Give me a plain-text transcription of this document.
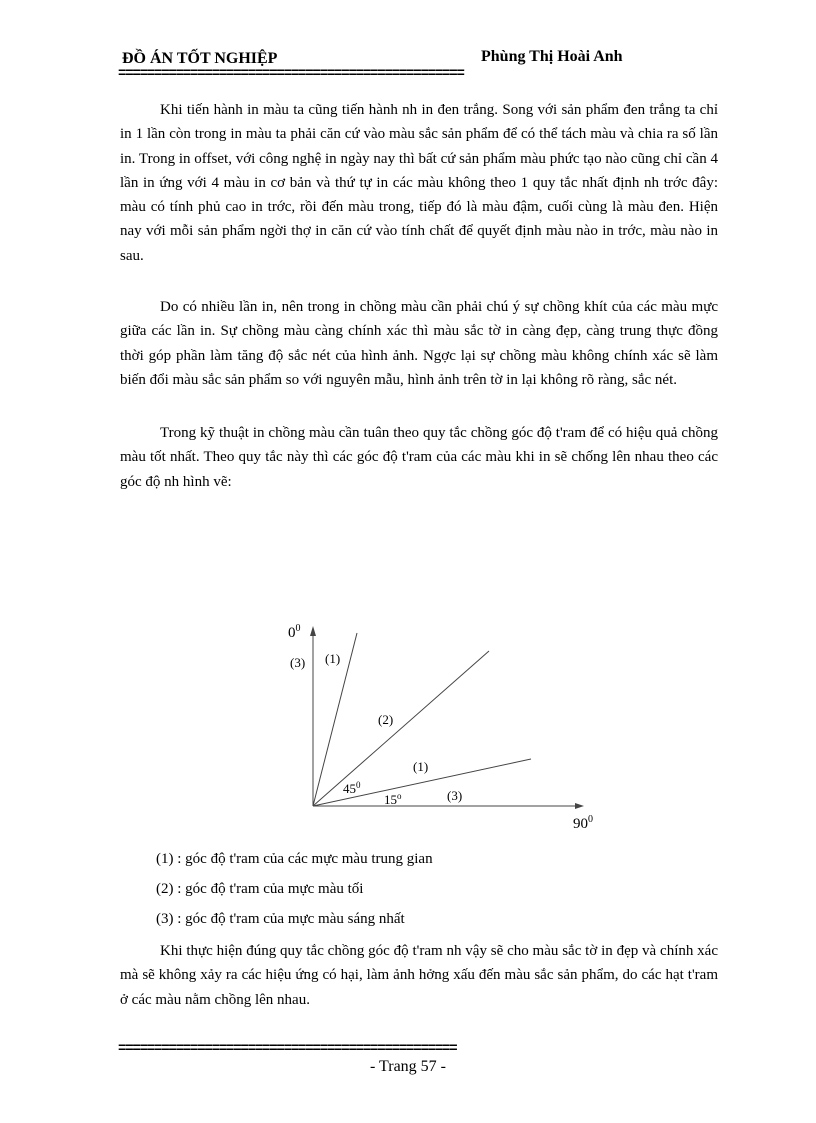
ĐỒ ÁN TỐT NGHIỆP	Phùng Thị Hoài Anh
================================================

Khi tiến hành in màu ta cũng tiến hành nh in đen trắng. Song với sản phẩm đen trắng ta chỉ in 1 lần còn trong in màu ta phải căn cứ vào màu sắc sản phẩm để có thể tách màu và chia ra số lần in. Trong in offset, với công nghệ in ngày nay thì bất cứ sản phẩm màu phức tạo nào cũng chỉ cần 4 lần in ứng với 4 màu in cơ bản và thứ tự in các màu không theo 1 quy tắc nhất định nh trớc đây: màu có tính phủ cao in trớc, rồi đến màu trong, tiếp đó là màu đậm, cuối cùng là màu đen. Hiện nay với mỗi sản phẩm ngời thợ in căn cứ vào tính chất để quyết định màu nào in trớc, màu nào in sau.

Do có nhiều lần in, nên trong in chồng màu cần phải chú ý sự chồng khít của các màu mực giữa các lần in. Sự chồng màu càng chính xác thì màu sắc tờ in càng đẹp, càng trung thực đồng thời góp phần làm tăng độ sắc nét của hình ảnh. Ngợc lại sự chồng màu không chính xác sẽ làm biến đổi màu sắc sản phẩm so với nguyên mẫu, hình ảnh trên tờ in lại không rõ ràng, sắc nét.

Trong kỹ thuật in chồng màu cần tuân theo quy tắc chồng góc độ t'ram để có hiệu quả chồng màu tốt nhất. Theo quy tắc này thì các góc độ t'ram của các màu khi in sẽ chống lên nhau theo các góc độ nh hình vẽ:

$0^0$
$90^0$
(3) (1)
(2)
(1)
(3)
$45^0$
15$^o$

(1) : góc độ t'ram của các mực màu trung gian

(2) : góc độ t'ram của mực màu tối

(3) : góc độ t'ram của mực màu sáng nhất

Khi thực hiện đúng quy tắc chồng góc độ t'ram nh vậy sẽ cho màu sắc tờ in đẹp và chính xác mà sẽ không xảy ra các hiệu ứng có hại, làm ảnh hởng xấu đến màu sắc sản phẩm, do các hạt t'ram ở các màu nằm chồng lên nhau.

===============================================
- Trang 57 -
